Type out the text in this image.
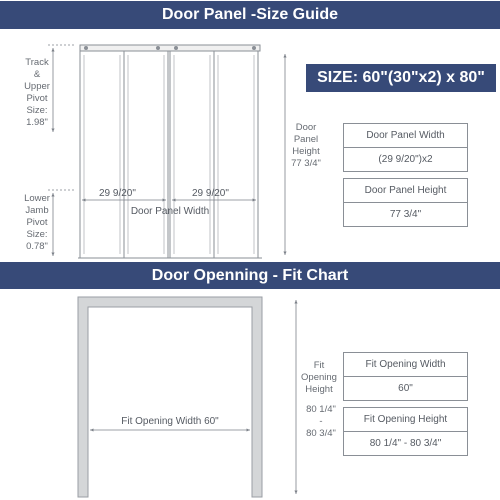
Door Panel -Size Guide
Door Openning - Fit Chart
SIZE: 60"(30"x2) x 80"
Track
&
Upper
Pivot
Size:
1.98"
Lower
Jamb
Pivot
Size:
0.78"
Door
Panel
Height
77 3/4"
29 9/20"	29 9/20"
Door Panel Width
Door Panel Width
(29 9/20")x2
Door Panel Height
77 3/4"
Fit Opening Width 60"
Fit
Opening
Height
80 1/4"
-
80 3/4"
Fit Opening Width
60"
Fit Opening Height
80 1/4" - 80 3/4"
